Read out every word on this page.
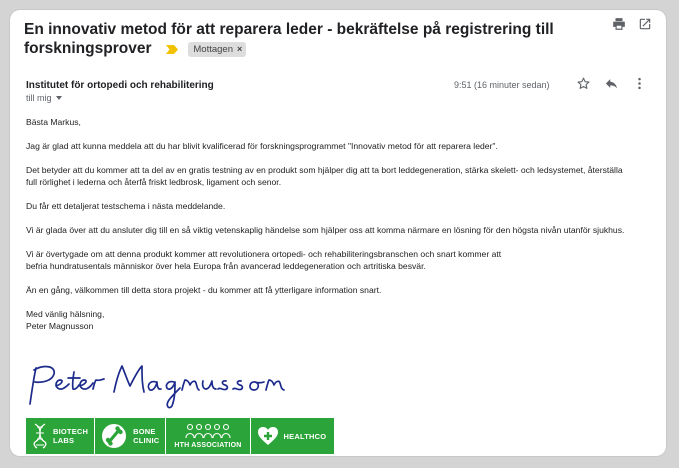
En innovativ metod för att reparera leder - bekräftelse på registrering till forskningsprover	Mottagen ×
Institutet för ortopedi och rehabilitering
till mig
9:51 (16 minuter sedan)

Bästa Markus,

Jag är glad att kunna meddela att du har blivit kvalificerad för forskningsprogrammet "Innovativ metod för att reparera leder".

Det betyder att du kommer att ta del av en gratis testning av en produkt som hjälper dig att ta bort leddegeneration, stärka skelett- och ledsystemet, återställa full rörlighet i lederna och återfå friskt ledbrosk, ligament och senor.

Du får ett detaljerat testschema i nästa meddelande.

Vi är glada över att du ansluter dig till en så viktig vetenskaplig händelse som hjälper oss att komma närmare en lösning för den högsta nivån utanför sjukhus.

Vi är övertygade om att denna produkt kommer att revolutionera ortopedi- och rehabiliteringsbranschen och snart kommer att
befria hundratusentals människor över hela Europa från avancerad leddegeneration och artritiska besvär.

Än en gång, välkommen till detta stora projekt - du kommer att få ytterligare information snart.

Med vänlig hälsning,
Peter Magnusson

BIOTECH
LABS
BONE
CLINIC HTH ASSOCIATION
HEALTHCO
